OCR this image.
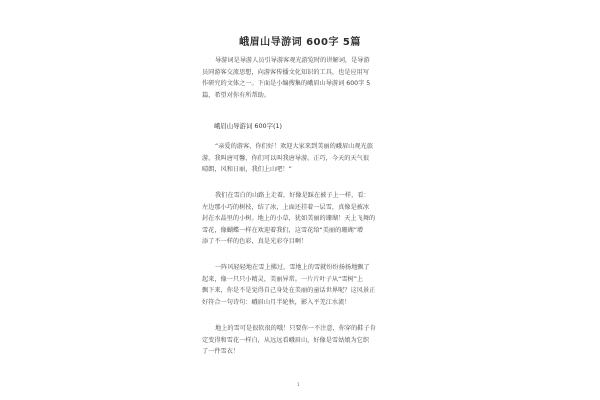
峨眉山导游词 600字 5篇
导游词是导游人员引导游客观光游览时的讲解词，是导游
员同游客交流思想，向游客传播文化知识的工具，也是应用写
作研究的文体之一。下面是小编搜集的峨眉山导游词 600字 5
篇，希望对你有所帮助。
峨眉山导游词 600字(1)
“亲爱的游客，你们好！欢迎大家来到美丽的峨眉山观光旅
游，我叫唐可馨，你们可以叫我唐导游。正巧，今天的天气很
晴朗，风和日丽，我们上山吧！”
我们在雪白的山路上走着，好像是踩在被子上一样，看：
左边那小巧的树枝，结了冰，上面还挂着一层雪，真像是被冰
封在水晶里的小树。地上的小草，犹如美丽的珊瑚！天上飞舞的
雪花，像蝴蝶一样在欢迎着我们，这雪花给“美丽的珊瑚”增
添了不一样的色彩，真是光彩夺目啊！
一阵风轻轻地在雪上拂过，雪地上的雪就纷纷扬扬地飘了
起来，像一只只小精灵，美丽异常。一片片叶子从“雪树”上
飘下来，你是不是觉得自己身处在美丽的童话世界呢？这风景正
好符合一句诗句：峨眉山月半轮秋，影入平羌江水流！
地上的雪可是很软很的哦！只要你一不注意，你穿的鞋子肯
定变得和雪花一样白，从远远看峨眉山，好像是雪姑娘为它织
了一件雪衣！
1
